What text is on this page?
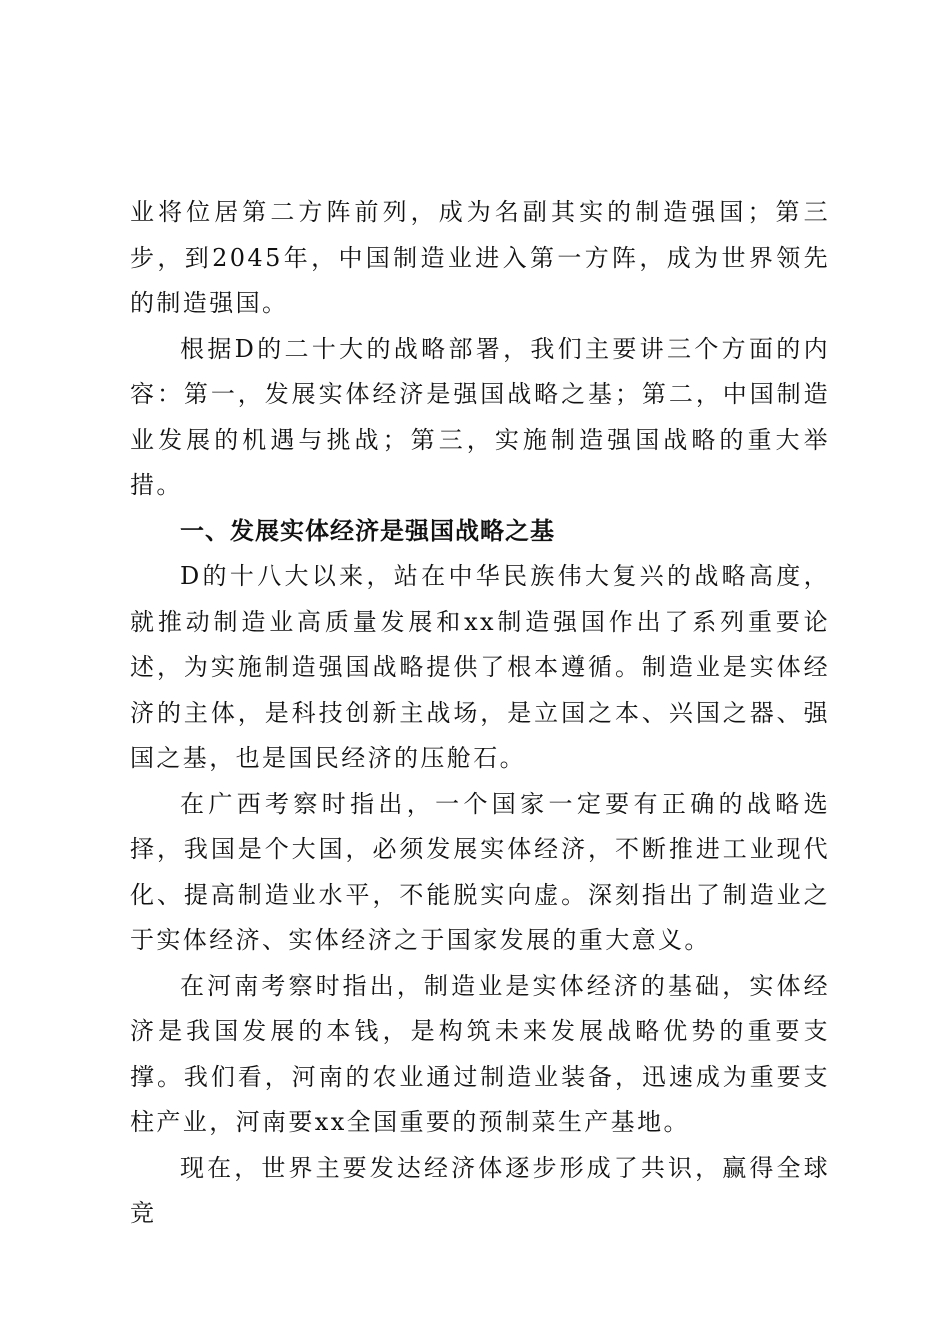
业将位居第二方阵前列，成为名副其实的制造强国；第三步，到2045年，中国制造业进入第一方阵，成为世界领先的制造强国。

根据D的二十大的战略部署，我们主要讲三个方面的内容：第一，发展实体经济是强国战略之基；第二，中国制造业发展的机遇与挑战；第三，实施制造强国战略的重大举措。

一、发展实体经济是强国战略之基

D的十八大以来，站在中华民族伟大复兴的战略高度，就推动制造业高质量发展和xx制造强国作出了系列重要论述，为实施制造强国战略提供了根本遵循。制造业是实体经济的主体，是科技创新主战场，是立国之本、兴国之器、强国之基，也是国民经济的压舱石。

在广西考察时指出，一个国家一定要有正确的战略选择，我国是个大国，必须发展实体经济，不断推进工业现代化、提高制造业水平，不能脱实向虚。深刻指出了制造业之于实体经济、实体经济之于国家发展的重大意义。

在河南考察时指出，制造业是实体经济的基础，实体经济是我国发展的本钱，是构筑未来发展战略优势的重要支撑。我们看，河南的农业通过制造业装备，迅速成为重要支柱产业，河南要xx全国重要的预制菜生产基地。

现在，世界主要发达经济体逐步形成了共识，赢得全球竞
